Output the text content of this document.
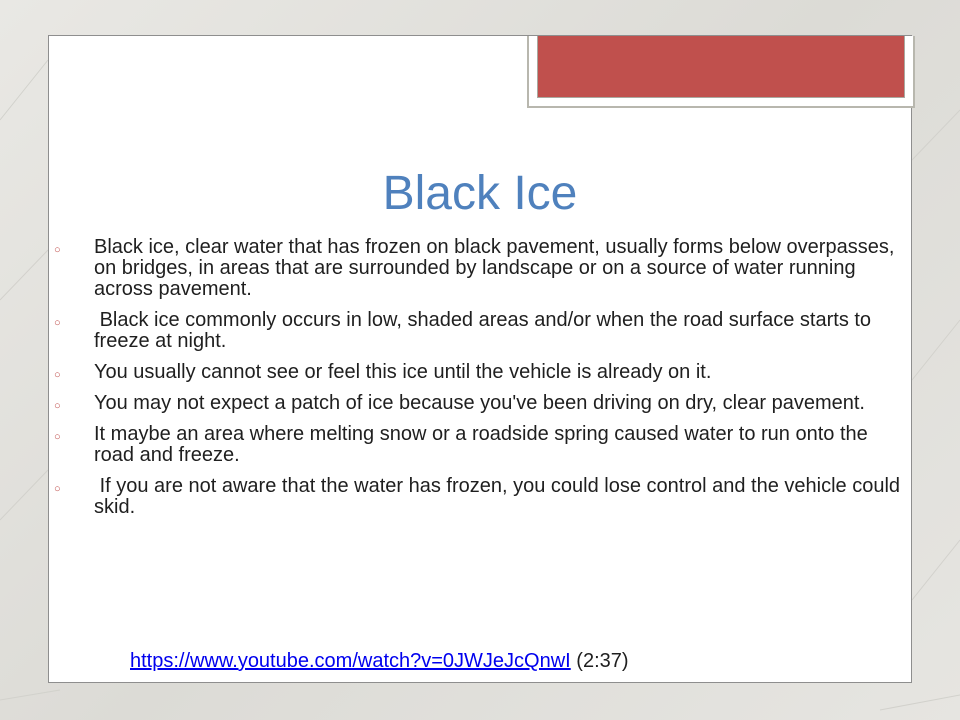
Black Ice
○ Black ice, clear water that has frozen on black pavement, usually forms below overpasses, on bridges, in areas that are surrounded by landscape or on a source of water running across pavement.
○ Black ice commonly occurs in low, shaded areas and/or when the road surface starts to freeze at night.
○ You usually cannot see or feel this ice until the vehicle is already on it.
○ You may not expect a patch of ice because you've been driving on dry, clear pavement.
○ It maybe an area where melting snow or a roadside spring caused water to run onto the road and freeze.
○ If you are not aware that the water has frozen, you could lose control and the vehicle could skid.
https://www.youtube.com/watch?v=0JWJeJcQnwI (2:37)
